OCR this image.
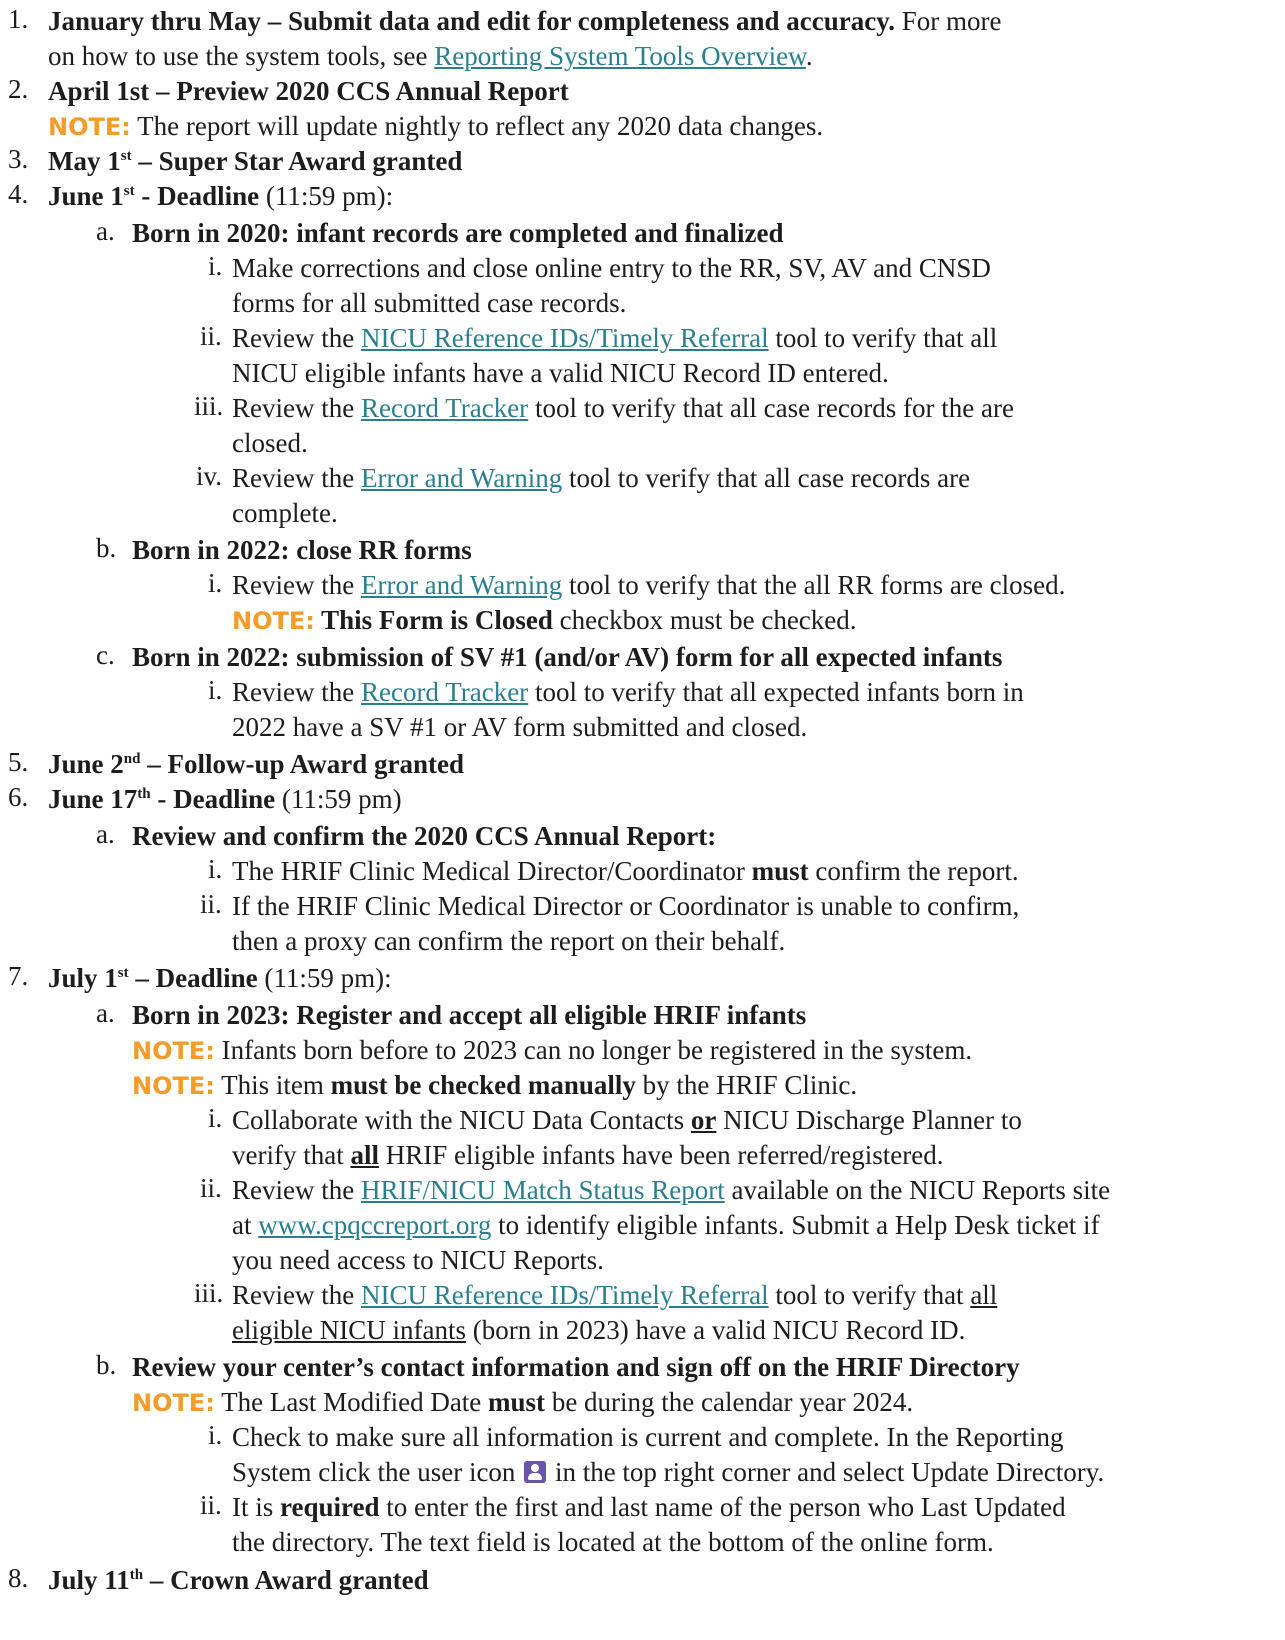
1. January thru May – Submit data and edit for completeness and accuracy. For more
on how to use the system tools, see Reporting System Tools Overview.
2. April 1st – Preview 2020 CCS Annual Report
NOTE: The report will update nightly to reflect any 2020 data changes.
3. May 1st – Super Star Award granted
4. June 1st - Deadline (11:59 pm):
a. Born in 2020: infant records are completed and finalized
i. Make corrections and close online entry to the RR, SV, AV and CNSD
forms for all submitted case records.
ii. Review the NICU Reference IDs/Timely Referral tool to verify that all
NICU eligible infants have a valid NICU Record ID entered.
iii. Review the Record Tracker tool to verify that all case records for the are
closed.
iv. Review the Error and Warning tool to verify that all case records are
complete.
b. Born in 2022: close RR forms
i. Review the Error and Warning tool to verify that the all RR forms are closed.
NOTE: This Form is Closed checkbox must be checked.
c. Born in 2022: submission of SV #1 (and/or AV) form for all expected infants
i. Review the Record Tracker tool to verify that all expected infants born in
2022 have a SV #1 or AV form submitted and closed.
5. June 2nd – Follow-up Award granted
6. June 17th - Deadline (11:59 pm)
a. Review and confirm the 2020 CCS Annual Report:
i. The HRIF Clinic Medical Director/Coordinator must confirm the report.
ii. If the HRIF Clinic Medical Director or Coordinator is unable to confirm,
then a proxy can confirm the report on their behalf.
7. July 1st – Deadline (11:59 pm):
a. Born in 2023: Register and accept all eligible HRIF infants
NOTE: Infants born before to 2023 can no longer be registered in the system.
NOTE: This item must be checked manually by the HRIF Clinic.
i. Collaborate with the NICU Data Contacts or NICU Discharge Planner to
verify that all HRIF eligible infants have been referred/registered.
ii. Review the HRIF/NICU Match Status Report available on the NICU Reports site
at www.cpqccreport.org to identify eligible infants. Submit a Help Desk ticket if
you need access to NICU Reports.
iii. Review the NICU Reference IDs/Timely Referral tool to verify that all
eligible NICU infants (born in 2023) have a valid NICU Record ID.
b. Review your center’s contact information and sign off on the HRIF Directory
NOTE: The Last Modified Date must be during the calendar year 2024.
i. Check to make sure all information is current and complete. In the Reporting
System click the user icon  in the top right corner and select Update Directory.
ii. It is required to enter the first and last name of the person who Last Updated
the directory. The text field is located at the bottom of the online form.
8. July 11th – Crown Award granted
